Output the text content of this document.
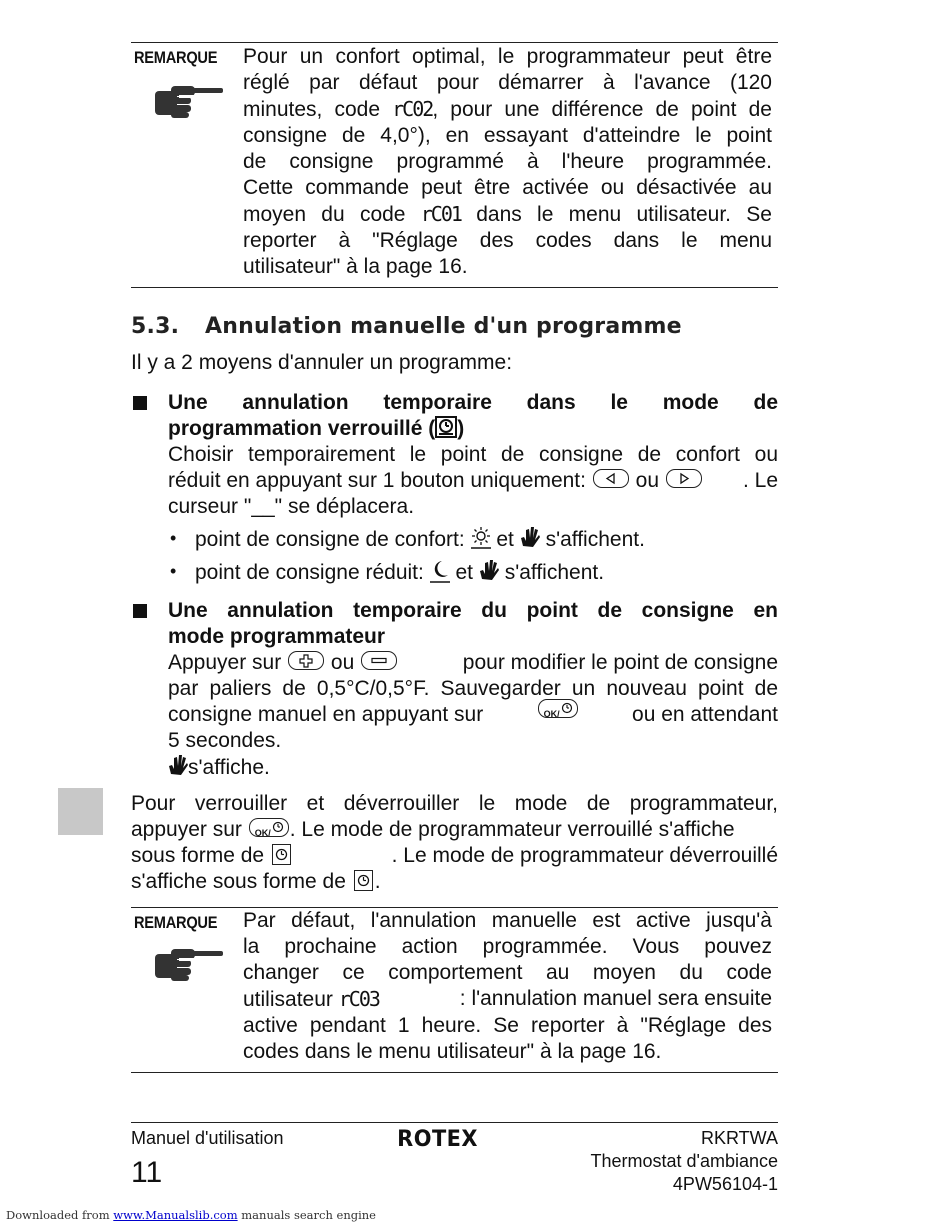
REMARQUE Pour un confort optimal, le programmateur peut être
réglé par défaut pour démarrer à l'avance (120
minutes, code rC02, pour une différence de point de
consigne de 4,0°), en essayant d'atteindre le point
de consigne programmé à l'heure programmée.
Cette commande peut être activée ou désactivée au
moyen du code rC01 dans le menu utilisateur. Se
reporter à "Réglage des codes dans le menu
utilisateur" à la page 16.
5.3. Annulation manuelle d'un programme
Il y a 2 moyens d'annuler un programme:
Une annulation temporaire dans le mode de
programmation verrouillé ( )
Choisir temporairement le point de consigne de confort ou
réduit en appuyant sur 1 bouton uniquement:
ou	. Le
curseur "__" se déplacera.
• point de consigne de confort:  et  s'affichent.
• point de consigne réduit:  et  s'affichent.
Une annulation temporaire du point de consigne en
mode programmateur
Appuyer sur
ou	pour modifier le point de consigne
par paliers de 0,5°C/0,5°F. Sauvegarder un nouveau point de
consigne manuel en appuyant sur	OK/	ou en attendant
5 secondes.
s'affiche.
Pour verrouiller et déverrouiller le mode de programmateur,
appuyer sur OK/ . Le mode de programmateur verrouillé s'affiche
sous forme de	. Le mode de programmateur déverrouillé
s'affiche sous forme de .
REMARQUE Par défaut, l'annulation manuelle est active jusqu'à
la prochaine action programmée. Vous pouvez
changer ce comportement au moyen du code
utilisateur rC03	: l'annulation manuel sera ensuite
active pendant 1 heure. Se reporter à "Réglage des
codes dans le menu utilisateur" à la page 16.
Manuel d'utilisation
11
ROTEX	RKRTWA
Thermostat d'ambiance
4PW56104-1
Downloaded from www.Manualslib.com manuals search engine
